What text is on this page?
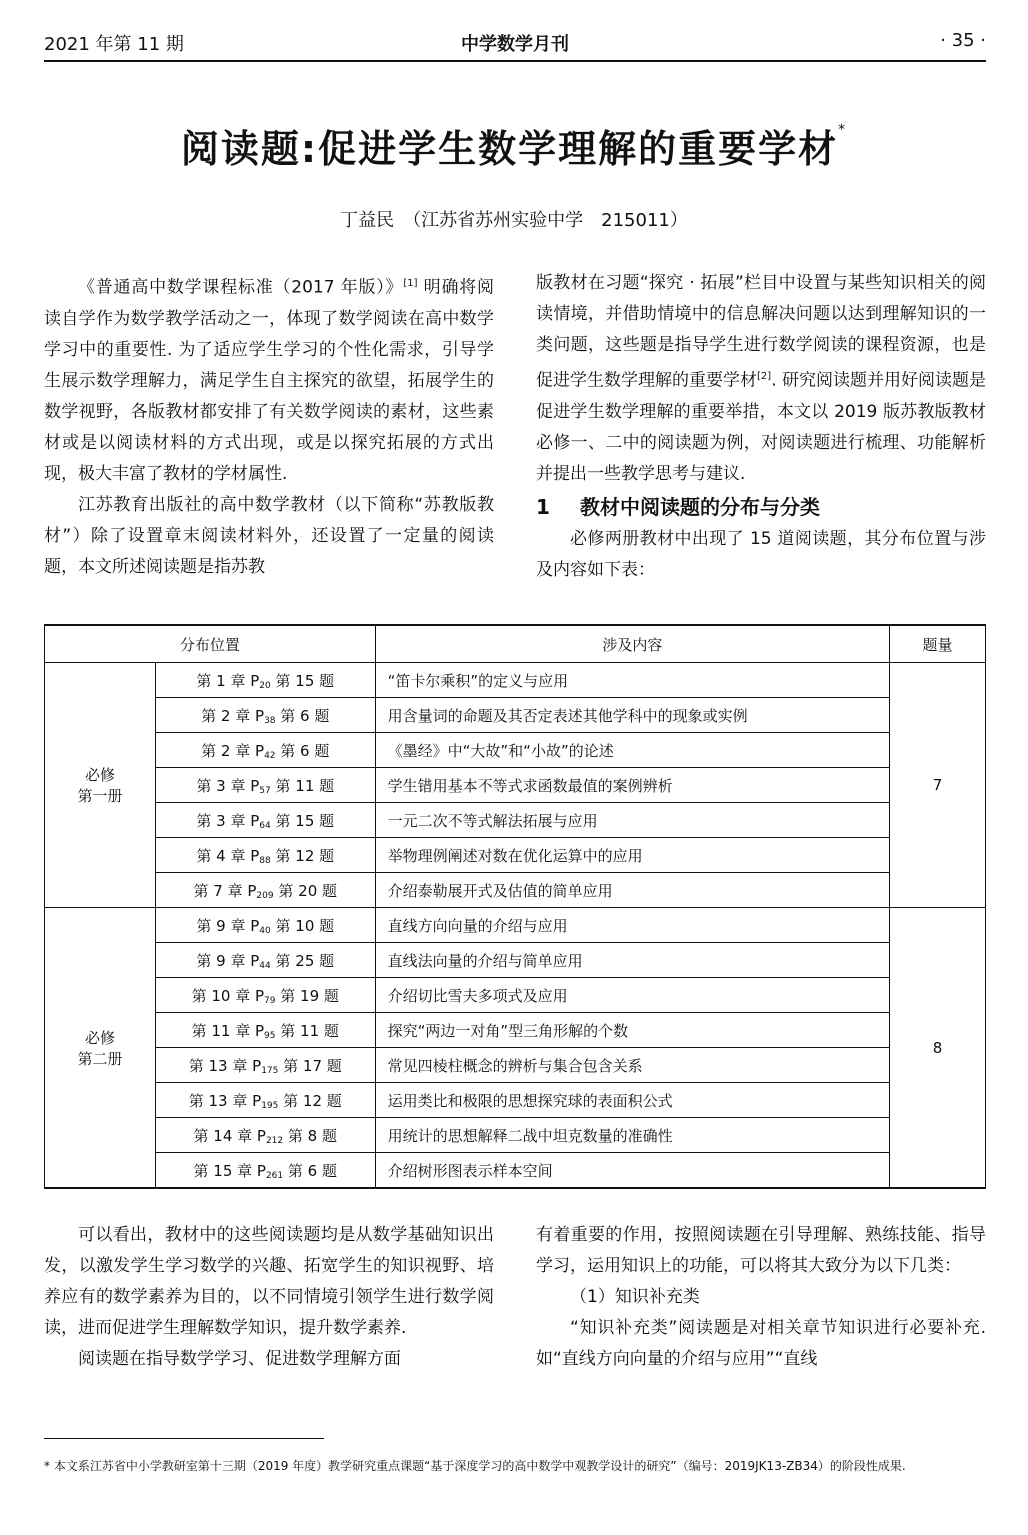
2021 年第 11 期	中学数学月刊	· 35 ·
阅读题:促进学生数学理解的重要学材*
丁益民　（江苏省苏州实验中学　215011）

《普通高中数学课程标准（2017 年版）》[1] 明确将阅读自学作为数学教学活动之一，体现了数学阅读在高中数学学习中的重要性. 为了适应学生学习的个性化需求，引导学生展示数学理解力，满足学生自主探究的欲望，拓展学生的数学视野，各版教材都安排了有关数学阅读的素材，这些素材或是以阅读材料的方式出现，或是以探究拓展的方式出现，极大丰富了教材的学材属性.

江苏教育出版社的高中数学教材（以下简称“苏教版教材”）除了设置章末阅读材料外，还设置了一定量的阅读题，本文所述阅读题是指苏教

版教材在习题“探究 · 拓展”栏目中设置与某些知识相关的阅读情境，并借助情境中的信息解决问题以达到理解知识的一类问题，这些题是指导学生进行数学阅读的课程资源，也是促进学生数学理解的重要学材[2]. 研究阅读题并用好阅读题是促进学生数学理解的重要举措，本文以 2019 版苏教版教材必修一、二中的阅读题为例，对阅读题进行梳理、功能解析并提出一些教学思考与建议.

1 教材中阅读题的分布与分类

必修两册教材中出现了 15 道阅读题，其分布位置与涉及内容如下表：

分布位置		涉及内容	题量

必修
第一册	第 1 章 $P_{20}$ 第 15 题	“笛卡尔乘积”的定义与应用	7
	第 2 章 $P_{38}$ 第 6 题	用含量词的命题及其否定表述其他学科中的现象或实例	
	第 2 章 $P_{42}$ 第 6 题	《墨经》中“大故”和“小故”的论述	
	第 3 章 $P_{57}$ 第 11 题	学生错用基本不等式求函数最值的案例辨析	
	第 3 章 $P_{64}$ 第 15 题	一元二次不等式解法拓展与应用	
	第 4 章 $P_{88}$ 第 12 题	举物理例阐述对数在优化运算中的应用	
	第 7 章 $P_{209}$ 第 20 题	介绍泰勒展开式及估值的简单应用	

必修
第二册	第 9 章 $P_{40}$ 第 10 题	直线方向向量的介绍与应用	8
	第 9 章 $P_{44}$ 第 25 题	直线法向量的介绍与简单应用	
	第 10 章 $P_{79}$ 第 19 题	介绍切比雪夫多项式及应用	
	第 11 章 $P_{95}$ 第 11 题	探究“两边一对角”型三角形解的个数	
	第 13 章 $P_{175}$ 第 17 题	常见四棱柱概念的辨析与集合包含关系	
	第 13 章 $P_{195}$ 第 12 题	运用类比和极限的思想探究球的表面积公式	
	第 14 章 $P_{212}$ 第 8 题	用统计的思想解释二战中坦克数量的准确性	
	第 15 章 $P_{261}$ 第 6 题	介绍树形图表示样本空间	

可以看出，教材中的这些阅读题均是从数学基础知识出发，以激发学生学习数学的兴趣、拓宽学生的知识视野、培养应有的数学素养为目的，以不同情境引领学生进行数学阅读，进而促进学生理解数学知识，提升数学素养.

阅读题在指导数学学习、促进数学理解方面

有着重要的作用，按照阅读题在引导理解、熟练技能、指导学习，运用知识上的功能，可以将其大致分为以下几类：

（1）知识补充类

“知识补充类”阅读题是对相关章节知识进行必要补充. 如“直线方向向量的介绍与应用”“直线

* 本文系江苏省中小学教研室第十三期（2019 年度）教学研究重点课题“基于深度学习的高中数学中观教学设计的研究”（编号：2019JK13-ZB34）的阶段性成果.
